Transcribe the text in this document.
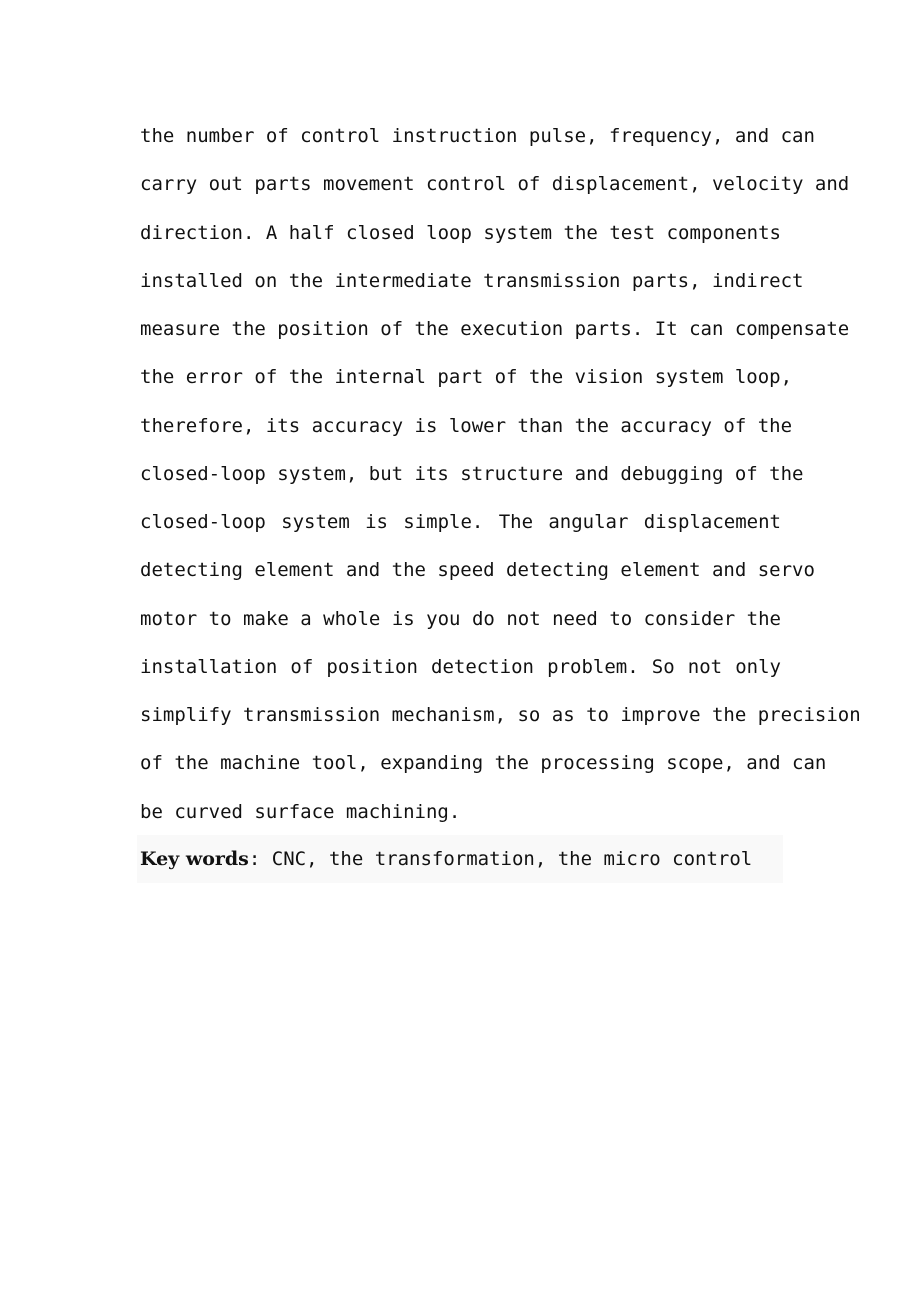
the number of control instruction pulse, frequency, and can
carry out parts movement control of displacement, velocity and
direction. A half closed loop system the test components
installed on the intermediate transmission parts, indirect
measure the position of the execution parts. It can compensate
the error of the internal part of the vision system loop,
therefore, its accuracy is lower than the accuracy of the
closed-loop system, but its structure and debugging of the
closed-loop system is simple. The angular displacement
detecting element and the speed detecting element and servo
motor to make a whole is you do not need to consider the
installation of position detection problem. So not only
simplify transmission mechanism, so as to improve the precision
of the machine tool, expanding the processing scope, and can
be curved surface machining.
Key words: CNC, the transformation, the micro control
